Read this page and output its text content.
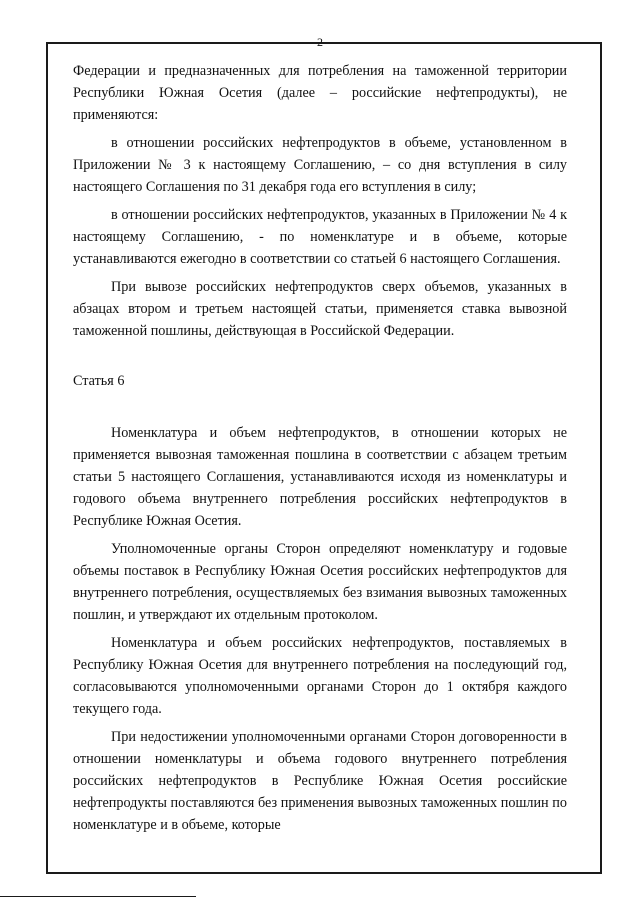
2

Федерации и предназначенных для потребления на таможенной территории Республики Южная Осетия (далее – российские нефтепродукты), не применяются:

в отношении российских нефтепродуктов в объеме, установленном в Приложении № 3 к настоящему Соглашению, – со дня вступления в силу настоящего Соглашения по 31 декабря года его вступления в силу;

в отношении российских нефтепродуктов, указанных в Приложении № 4 к настоящему Соглашению, - по номенклатуре и в объеме, которые устанавливаются ежегодно в соответствии со статьей 6 настоящего Соглашения.

При вывозе российских нефтепродуктов сверх объемов, указанных в абзацах втором и третьем настоящей статьи, применяется ставка вывозной таможенной пошлины, действующая в Российской Федерации.

Статья 6

Номенклатура и объем нефтепродуктов, в отношении которых не применяется вывозная таможенная пошлина в соответствии с абзацем третьим статьи 5 настоящего Соглашения, устанавливаются исходя из номенклатуры и годового объема внутреннего потребления российских нефтепродуктов в Республике Южная Осетия.

Уполномоченные органы Сторон определяют номенклатуру и годовые объемы поставок в Республику Южная Осетия российских нефтепродуктов для внутреннего потребления, осуществляемых без взимания вывозных таможенных пошлин, и утверждают их отдельным протоколом.

Номенклатура и объем российских нефтепродуктов, поставляемых в Республику Южная Осетия для внутреннего потребления на последующий год, согласовываются уполномоченными органами Сторон до 1 октября каждого текущего года.

При недостижении уполномоченными органами Сторон договоренности в отношении номенклатуры и объема годового внутреннего потребления российских нефтепродуктов в Республике Южная Осетия российские нефтепродукты поставляются без применения вывозных таможенных пошлин по номенклатуре и в объеме, которые
